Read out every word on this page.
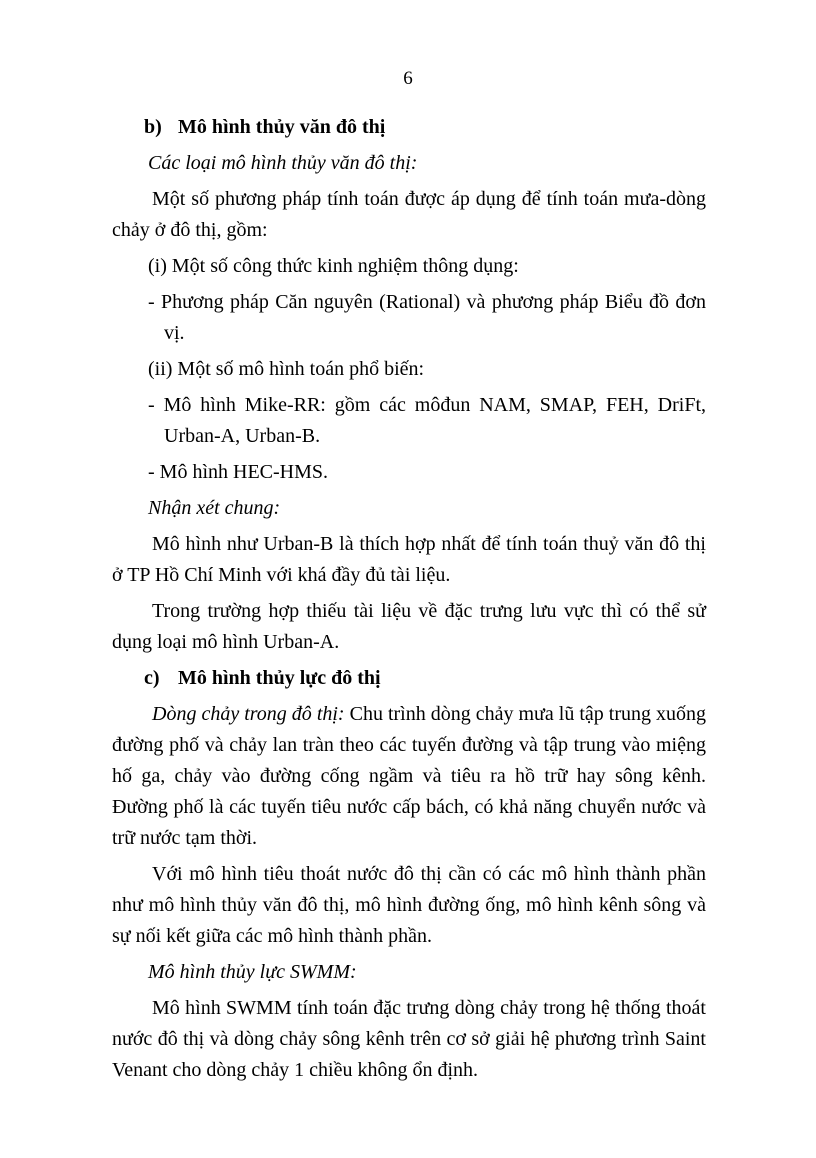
6
b) Mô hình thủy văn đô thị
Các loại mô hình thủy văn đô thị:

Một số phương pháp tính toán được áp dụng để tính toán mưa-dòng chảy ở đô thị, gồm:

(i) Một số công thức kinh nghiệm thông dụng:
- Phương pháp Căn nguyên (Rational) và phương pháp Biểu đồ đơn vị.
(ii) Một số mô hình toán phổ biến:
- Mô hình Mike-RR: gồm các môđun NAM, SMAP, FEH, DriFt, Urban-A, Urban-B.
- Mô hình HEC-HMS.
Nhận xét chung:

Mô hình như Urban-B là thích hợp nhất để tính toán thuỷ văn đô thị ở TP Hồ Chí Minh với khá đầy đủ tài liệu.

Trong trường hợp thiếu tài liệu về đặc trưng lưu vực thì có thể sử dụng loại mô hình Urban-A.

c) Mô hình thủy lực đô thị

Dòng chảy trong đô thị: Chu trình dòng chảy mưa lũ tập trung xuống đường phố và chảy lan tràn theo các tuyến đường và tập trung vào miệng hố ga, chảy vào đường cống ngầm và tiêu ra hồ trữ hay sông kênh. Đường phố là các tuyến tiêu nước cấp bách, có khả năng chuyển nước và trữ nước tạm thời.

Với mô hình tiêu thoát nước đô thị cần có các mô hình thành phần như mô hình thủy văn đô thị, mô hình đường ống, mô hình kênh sông và sự nối kết giữa các mô hình thành phần.

Mô hình thủy lực SWMM:

Mô hình SWMM tính toán đặc trưng dòng chảy trong hệ thống thoát nước đô thị và dòng chảy sông kênh trên cơ sở giải hệ phương trình Saint Venant cho dòng chảy 1 chiều không ổn định.
